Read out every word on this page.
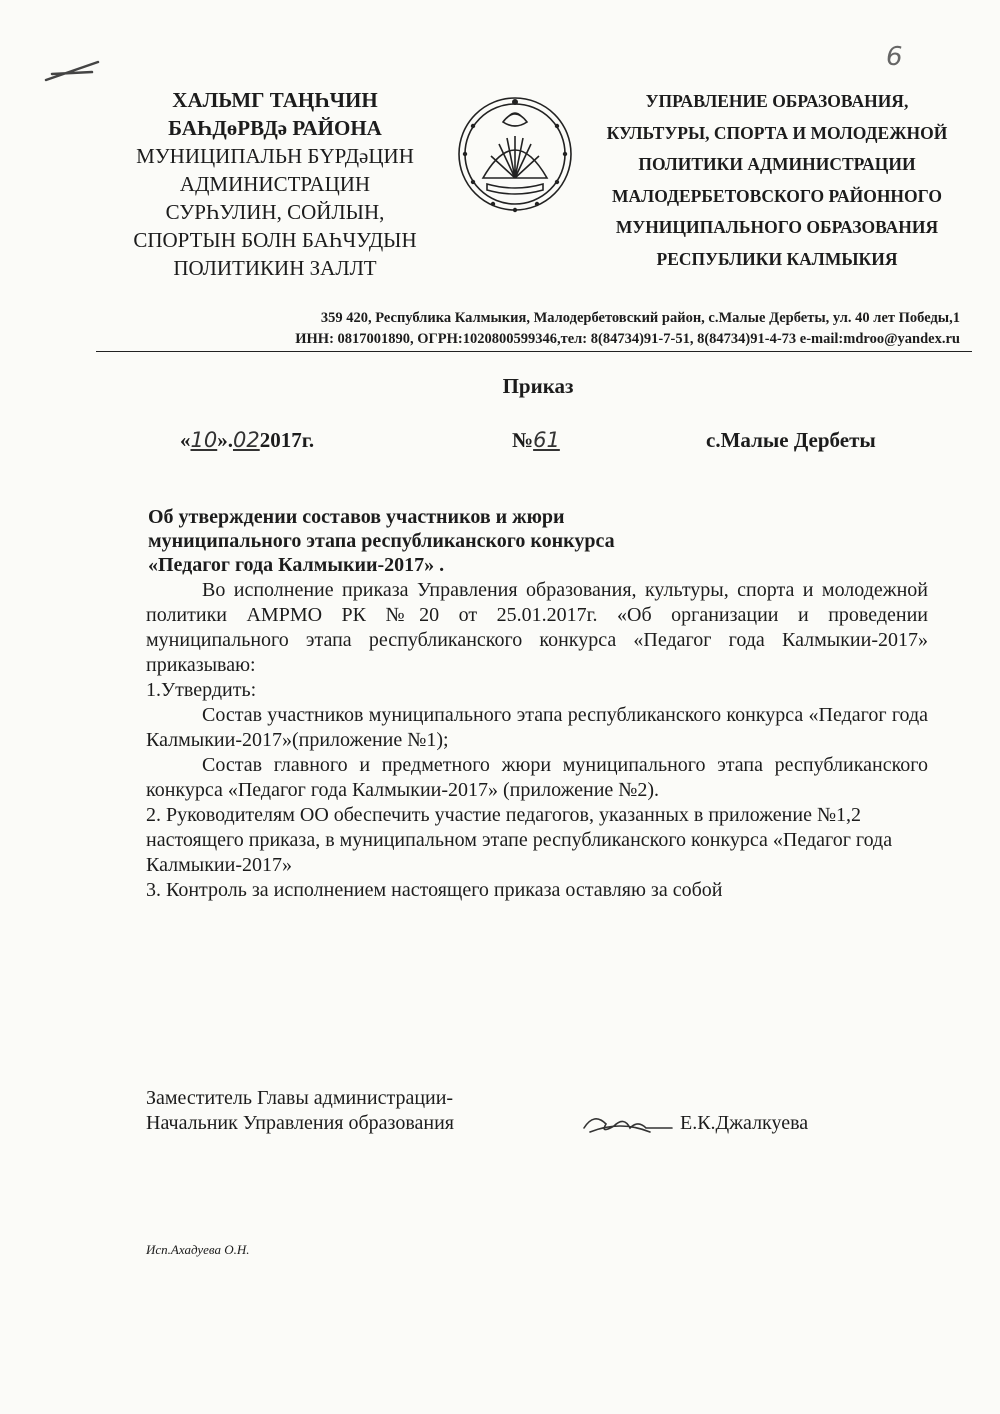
6
ХАЛЬМГ ТАҢҺЧИН
БАҺДөРВДә РАЙОНА
МУНИЦИПАЛЬН БҮРДәЦИН
АДМИНИСТРАЦИН
СУРҺУЛИН, СОЙЛЫН,
СПОРТЫН БОЛН БАҺЧУДЫН
ПОЛИТИКИН ЗАЛЛТ
УПРАВЛЕНИЕ ОБРАЗОВАНИЯ,
КУЛЬТУРЫ, СПОРТА И МОЛОДЕЖНОЙ
ПОЛИТИКИ АДМИНИСТРАЦИИ
МАЛОДЕРБЕТОВСКОГО РАЙОННОГО
МУНИЦИПАЛЬНОГО ОБРАЗОВАНИЯ
РЕСПУБЛИКИ КАЛМЫКИЯ
359 420, Республика Калмыкия, Малодербетовский район, с.Малые Дербеты, ул. 40 лет Победы,1
ИНН: 0817001890, ОГРН:1020800599346,тел: 8(84734)91-7-51, 8(84734)91-4-73 e-mail:mdroo@yandex.ru
Приказ
«10».022017г.	№61	с.Малые Дербеты
Об утверждении составов участников и жюри
муниципального этапа республиканского конкурса
«Педагог года Калмыкии-2017» .

Во исполнение приказа Управления образования, культуры, спорта и молодежной политики АМРМО РК №20 от 25.01.2017г. «Об организации и проведении муниципального этапа республиканского конкурса «Педагог года Калмыкии-2017» приказываю:

1.Утвердить:

Состав участников муниципального этапа республиканского конкурса «Педагог года Калмыкии-2017»(приложение №1);

Состав главного и предметного жюри муниципального этапа республиканского конкурса «Педагог года Калмыкии-2017» (приложение №2).

2. Руководителям ОО обеспечить участие педагогов, указанных в приложение №1,2 настоящего приказа, в муниципальном этапе республиканского конкурса «Педагог года Калмыкии-2017»

3. Контроль за исполнением настоящего приказа оставляю за собой

Заместитель Главы администрации-
Начальник Управления образования	Е.К.Джалкуева
Исп.Ахадуева О.Н.
